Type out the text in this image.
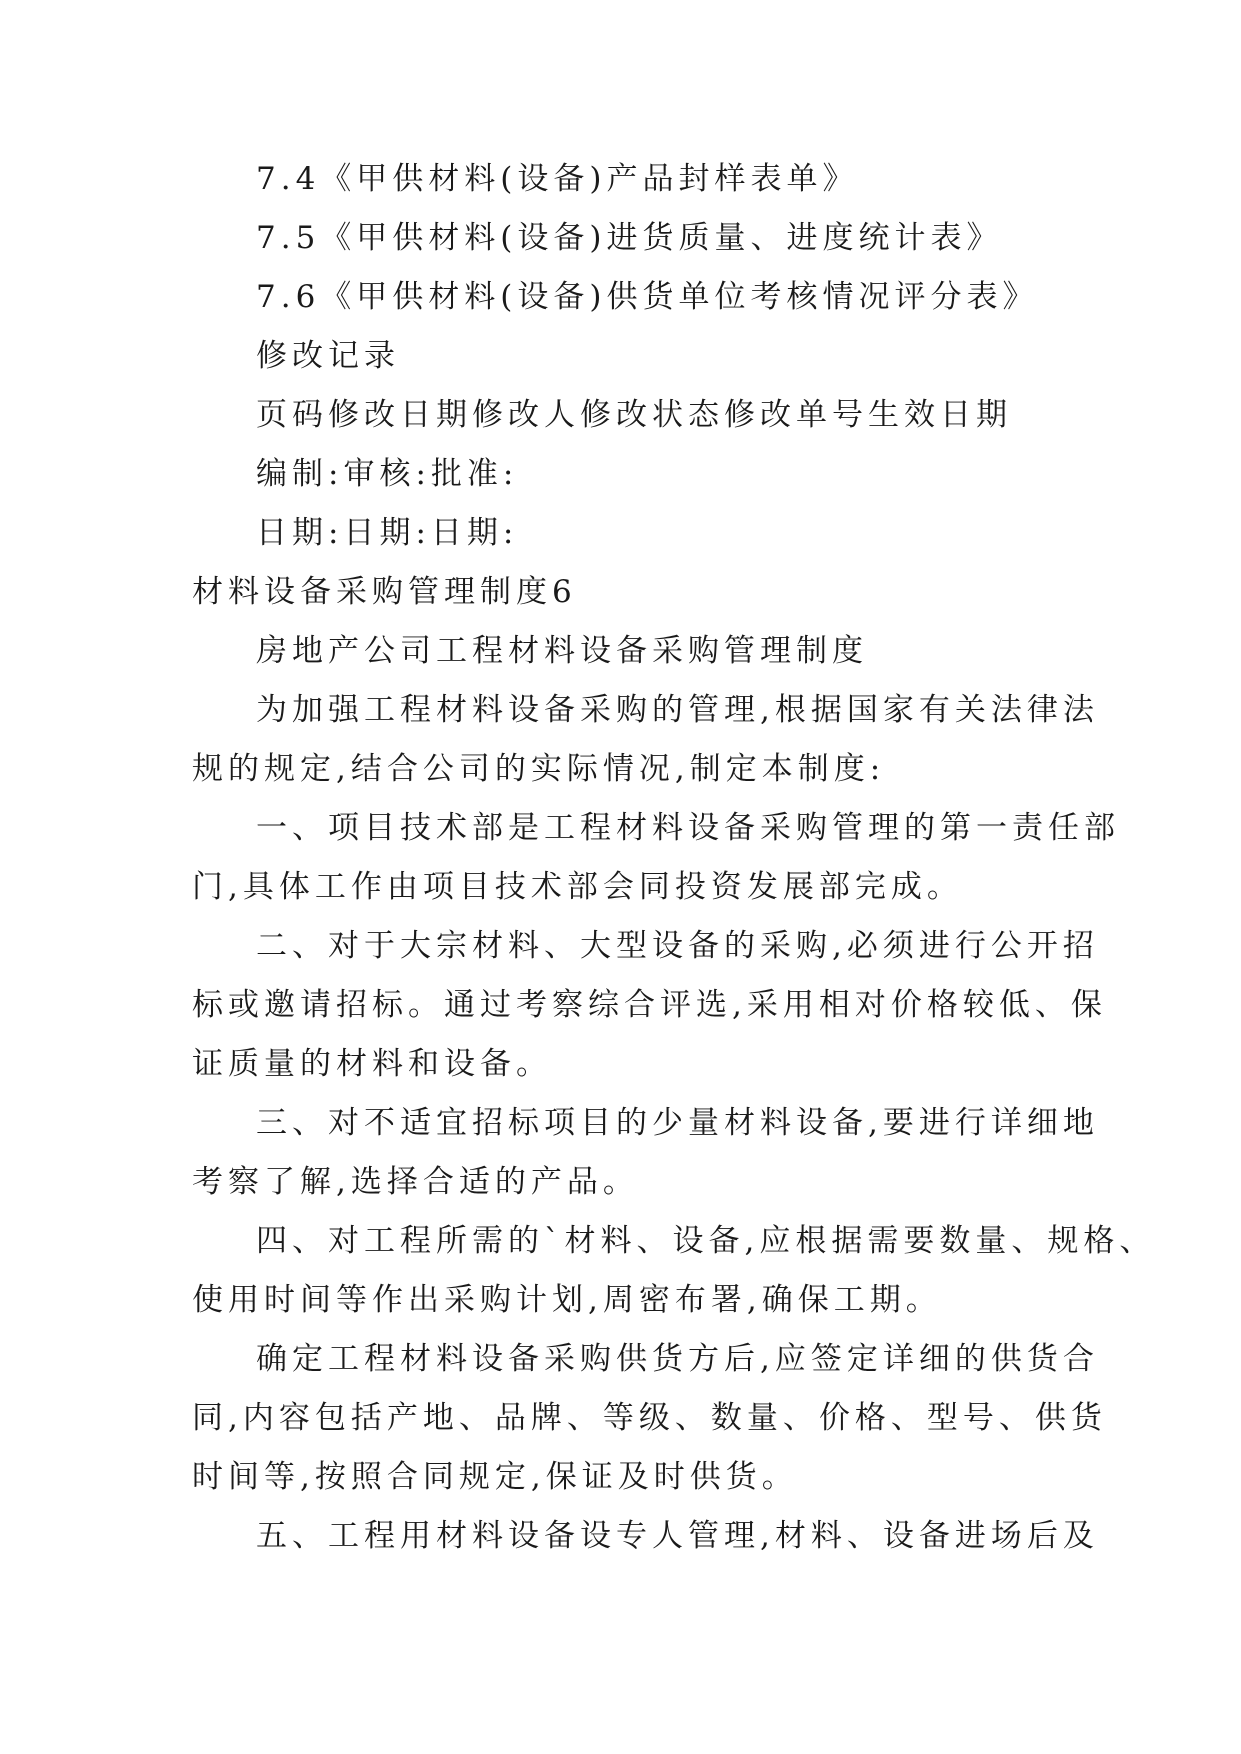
7.4《甲供材料(设备)产品封样表单》

7.5《甲供材料(设备)进货质量、进度统计表》

7.6《甲供材料(设备)供货单位考核情况评分表》

修改记录

页码修改日期修改人修改状态修改单号生效日期

编制:审核:批准:

日期:日期:日期:

材料设备采购管理制度6

房地产公司工程材料设备采购管理制度

为加强工程材料设备采购的管理,根据国家有关法律法

规的规定,结合公司的实际情况,制定本制度:

一、项目技术部是工程材料设备采购管理的第一责任部

门,具体工作由项目技术部会同投资发展部完成。

二、对于大宗材料、大型设备的采购,必须进行公开招

标或邀请招标。通过考察综合评选,采用相对价格较低、保

证质量的材料和设备。

三、对不适宜招标项目的少量材料设备,要进行详细地

考察了解,选择合适的产品。

四、对工程所需的`材料、设备,应根据需要数量、规格、

使用时间等作出采购计划,周密布署,确保工期。

确定工程材料设备采购供货方后,应签定详细的供货合

同,内容包括产地、品牌、等级、数量、价格、型号、供货

时间等,按照合同规定,保证及时供货。

五、工程用材料设备设专人管理,材料、设备进场后及
